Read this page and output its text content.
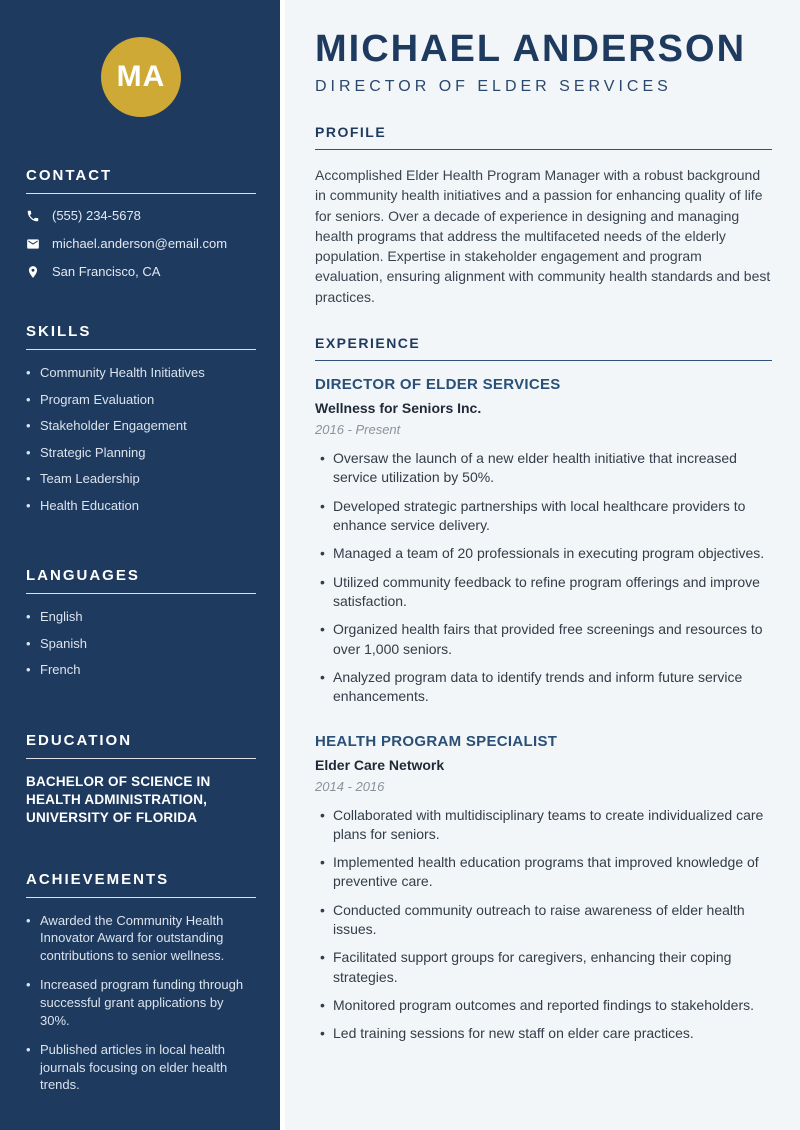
MA
CONTACT
(555) 234-5678
michael.anderson@email.com
San Francisco, CA
SKILLS
• Community Health Initiatives
• Program Evaluation
• Stakeholder Engagement
• Strategic Planning
• Team Leadership
• Health Education
LANGUAGES
• English
• Spanish
• French
EDUCATION

BACHELOR OF SCIENCE IN HEALTH ADMINISTRATION, UNIVERSITY OF FLORIDA

ACHIEVEMENTS
• Awarded the Community Health Innovator Award for outstanding contributions to senior wellness.
• Increased program funding through successful grant applications by 30%.
• Published articles in local health journals focusing on elder health trends.
MICHAEL ANDERSON
DIRECTOR OF ELDER SERVICES
PROFILE

Accomplished Elder Health Program Manager with a robust background in community health initiatives and a passion for enhancing quality of life for seniors. Over a decade of experience in designing and managing health programs that address the multifaceted needs of the elderly population. Expertise in stakeholder engagement and program evaluation, ensuring alignment with community health standards and best practices.

EXPERIENCE
DIRECTOR OF ELDER SERVICES
Wellness for Seniors Inc.
2016 - Present
• Oversaw the launch of a new elder health initiative that increased service utilization by 50%.
• Developed strategic partnerships with local healthcare providers to enhance service delivery.
• Managed a team of 20 professionals in executing program objectives.
• Utilized community feedback to refine program offerings and improve satisfaction.
• Organized health fairs that provided free screenings and resources to over 1,000 seniors.
• Analyzed program data to identify trends and inform future service enhancements.
HEALTH PROGRAM SPECIALIST
Elder Care Network
2014 - 2016
• Collaborated with multidisciplinary teams to create individualized care plans for seniors.
• Implemented health education programs that improved knowledge of preventive care.
• Conducted community outreach to raise awareness of elder health issues.
• Facilitated support groups for caregivers, enhancing their coping strategies.
• Monitored program outcomes and reported findings to stakeholders.
• Led training sessions for new staff on elder care practices.
